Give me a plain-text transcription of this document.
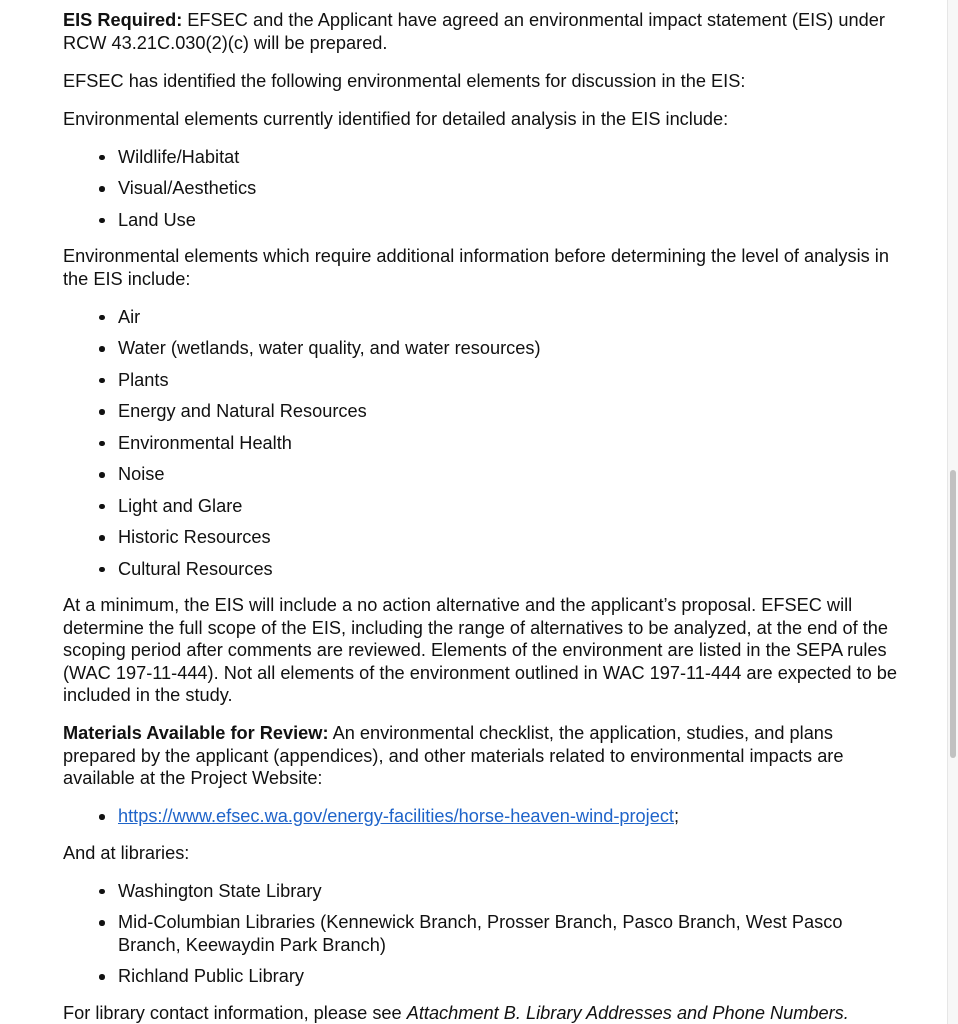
EIS Required: EFSEC and the Applicant have agreed an environmental impact statement (EIS) under RCW 43.21C.030(2)(c) will be prepared.

EFSEC has identified the following environmental elements for discussion in the EIS:

Environmental elements currently identified for detailed analysis in the EIS include:

Wildlife/Habitat
Visual/Aesthetics
Land Use

Environmental elements which require additional information before determining the level of analysis in the EIS include:

Air
Water (wetlands, water quality, and water resources)
Plants
Energy and Natural Resources
Environmental Health
Noise
Light and Glare
Historic Resources
Cultural Resources

At a minimum, the EIS will include a no action alternative and the applicant’s proposal. EFSEC will determine the full scope of the EIS, including the range of alternatives to be analyzed, at the end of the scoping period after comments are reviewed. Elements of the environment are listed in the SEPA rules (WAC 197-11-444). Not all elements of the environment outlined in WAC 197-11-444 are expected to be included in the study.

Materials Available for Review: An environmental checklist, the application, studies, and plans prepared by the applicant (appendices), and other materials related to environmental impacts are available at the Project Website:

https://www.efsec.wa.gov/energy-facilities/horse-heaven-wind-project;

And at libraries:

Washington State Library
Mid-Columbian Libraries (Kennewick Branch, Prosser Branch, Pasco Branch, West Pasco Branch, Keewaydin Park Branch)
Richland Public Library

For library contact information, please see Attachment B. Library Addresses and Phone Numbers.
